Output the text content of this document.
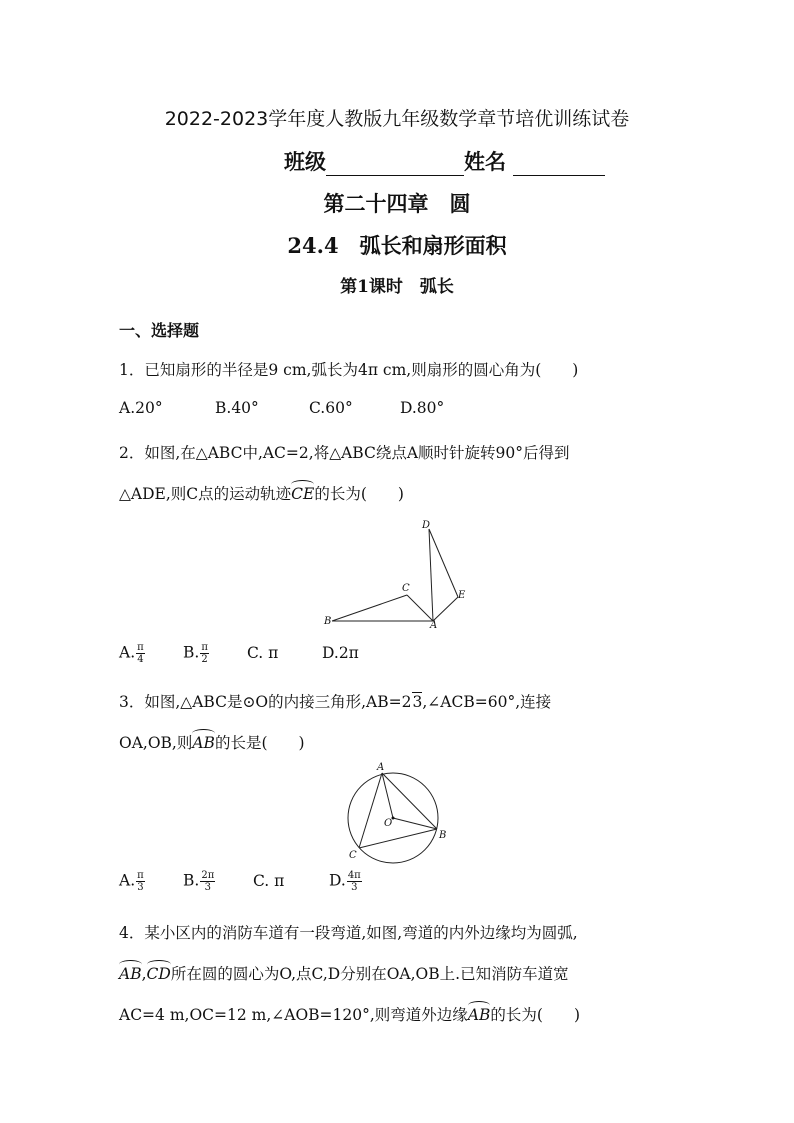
2022-2023学年度人教版九年级数学章节培优训练试卷
班级	姓名
第二十四章　圆
24.4　弧长和扇形面积
第1课时　弧长
一、选择题
1．已知扇形的半径是9 cm,弧长为4π cm,则扇形的圆心角为(　　)
A.20°	B.40°	C.60°	D.80°
2．如图,在△ABC中,AC=2,将△ABC绕点A顺时针旋转90°后得到
△ADE,则C点的运动轨迹CE的长为(　　)
D
C
E
B	A
A. $\frac{\pi}{4} B$. $\frac{\pi}{2} C$. π	D.2π
3．如图,△ABC是⊙O的内接三角形,AB=23,∠ACB=60°,连接
OA,OB,则AB的长是(　　)
A
O
B
C
A. $\frac{\pi}{3} B$. $\frac{2\pi}{3} C$. π	D. $\frac{4\pi}{3}$
4．某小区内的消防车道有一段弯道,如图,弯道的内外边缘均为圆弧,
AB,CD所在圆的圆心为O,点C,D分别在OA,OB上.已知消防车道宽
AC=4 m,OC=12 m,∠AOB=120°,则弯道外边缘AB的长为(　　)
